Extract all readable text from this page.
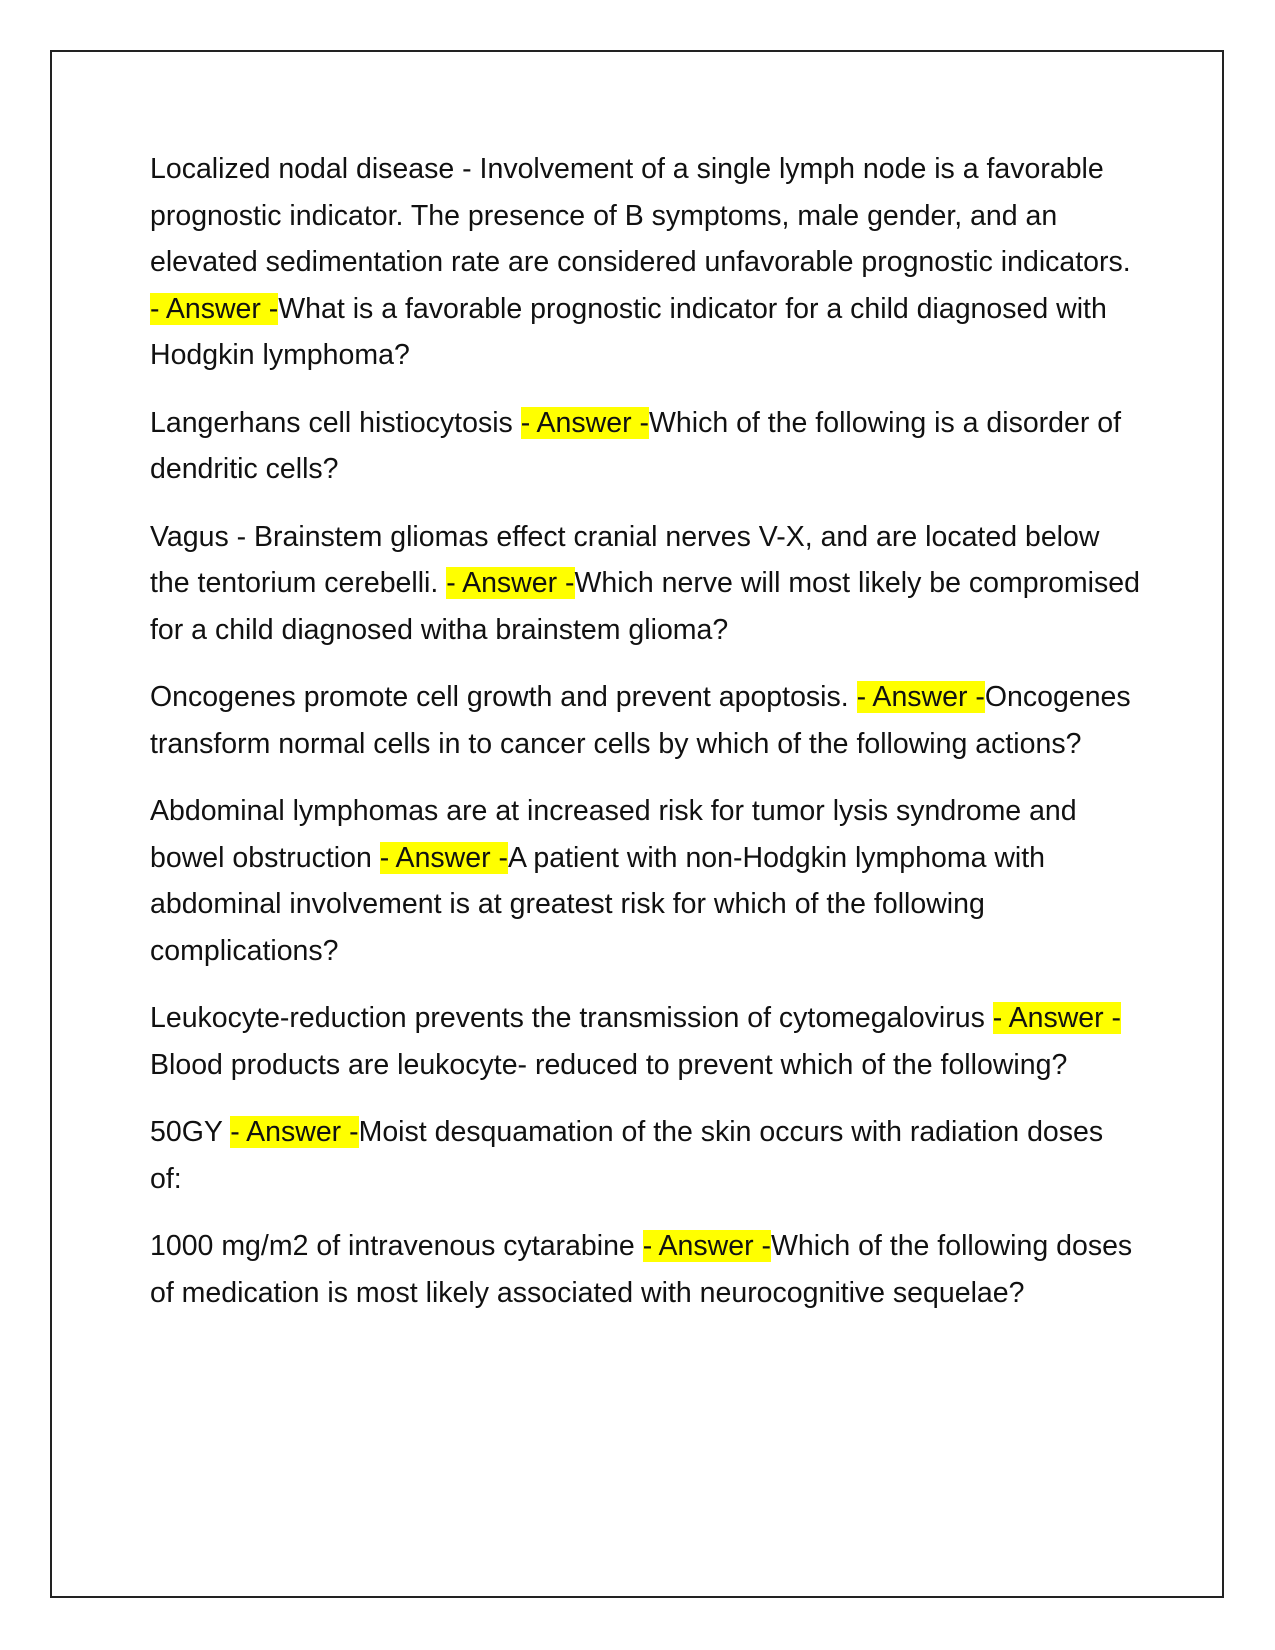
Localized nodal disease - Involvement of a single lymph node is a favorable prognostic indicator. The presence of B symptoms, male gender, and an elevated sedimentation rate are considered unfavorable prognostic indicators. - Answer -What is a favorable prognostic indicator for a child diagnosed with Hodgkin lymphoma?

Langerhans cell histiocytosis - Answer -Which of the following is a disorder of dendritic cells?

Vagus - Brainstem gliomas effect cranial nerves V-X, and are located below the tentorium cerebelli. - Answer -Which nerve will most likely be compromised for a child diagnosed witha brainstem glioma?

Oncogenes promote cell growth and prevent apoptosis. - Answer -Oncogenes transform normal cells in to cancer cells by which of the following actions?

Abdominal lymphomas are at increased risk for tumor lysis syndrome and bowel obstruction - Answer -A patient with non-Hodgkin lymphoma with abdominal involvement is at greatest risk for which of the following complications?

Leukocyte-reduction prevents the transmission of cytomegalovirus - Answer -Blood products are leukocyte- reduced to prevent which of the following?

50GY - Answer -Moist desquamation of the skin occurs with radiation doses of:

1000 mg/m2 of intravenous cytarabine - Answer -Which of the following doses of medication is most likely associated with neurocognitive sequelae?
